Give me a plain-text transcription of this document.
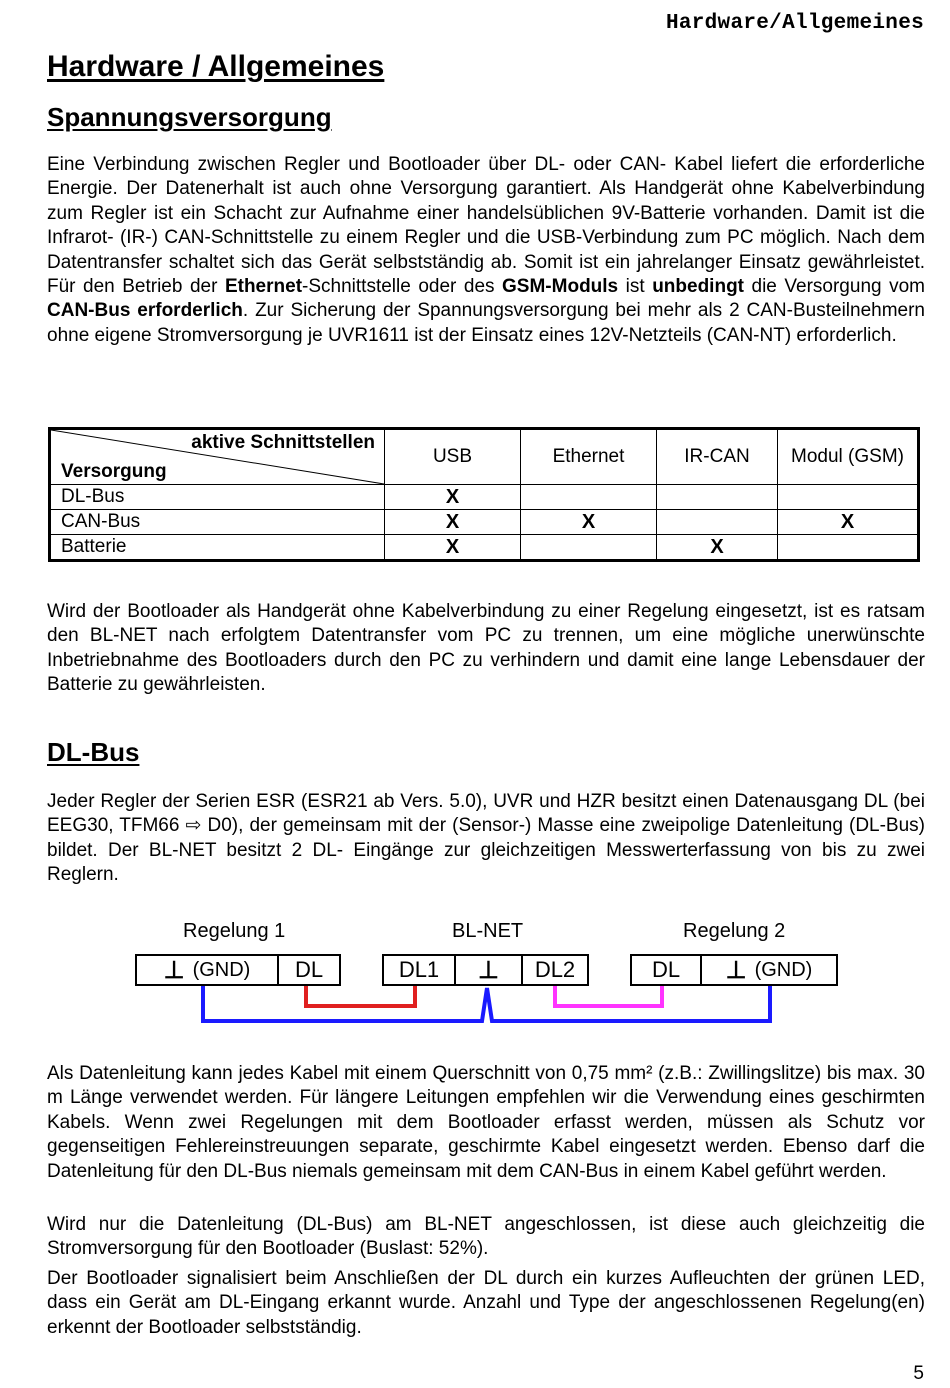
Hardware/Allgemeines
Hardware / Allgemeines
Spannungsversorgung

Eine Verbindung zwischen Regler und Bootloader über DL- oder CAN- Kabel liefert die erforderliche Energie. Der Datenerhalt ist auch ohne Versorgung garantiert. Als Handgerät ohne Kabelverbindung zum Regler ist ein Schacht zur Aufnahme einer handelsüblichen 9V-Batterie vorhanden. Damit ist die Infrarot- (IR-) CAN-Schnittstelle zu einem Regler und die USB-Verbindung zum PC möglich. Nach dem Datentransfer schaltet sich das Gerät selbstständig ab. Somit ist ein jahrelanger Einsatz gewährleistet. Für den Betrieb der Ethernet-Schnittstelle oder des GSM-Moduls ist unbedingt die Versorgung vom CAN-Bus erforderlich. Zur Sicherung der Spannungsversorgung bei mehr als 2 CAN-Busteilnehmern ohne eigene Stromversorgung je UVR1611 ist der Einsatz eines 12V-Netzteils (CAN-NT) erforderlich.

aktive Schnittstellen
Versorgung	USB	Ethernet	IR-CAN	Modul (GSM)
DL-Bus	X			
CAN-Bus	X	X		X
Batterie	X		X	

Wird der Bootloader als Handgerät ohne Kabelverbindung zu einer Regelung eingesetzt, ist es ratsam den BL-NET nach erfolgtem Datentransfer vom PC zu trennen, um eine mögliche unerwünschte Inbetriebnahme des Bootloaders durch den PC zu verhindern und damit eine lange Lebensdauer der Batterie zu gewährleisten.

DL-Bus

Jeder Regler der Serien ESR (ESR21 ab Vers. 5.0), UVR und HZR besitzt einen Datenausgang DL (bei EEG30, TFM66 ⇨ D0), der gemeinsam mit der (Sensor-) Masse eine zweipolige Datenleitung (DL-Bus) bildet. Der BL-NET besitzt 2 DL- Eingänge zur gleichzeitigen Messwerterfassung von bis zu zwei Reglern.

Regelung 1	BL-NET	Regelung 2
⊥ (GND)	DL	DL1	⊥	DL2	DL	⊥ (GND)

Als Datenleitung kann jedes Kabel mit einem Querschnitt von 0,75 mm² (z.B.: Zwillingslitze) bis max. 30 m Länge verwendet werden. Für längere Leitungen empfehlen wir die Verwendung eines geschirmten Kabels. Wenn zwei Regelungen mit dem Bootloader erfasst werden, müssen als Schutz vor gegenseitigen Fehlereinstreuungen separate, geschirmte Kabel eingesetzt werden. Ebenso darf die Datenleitung für den DL-Bus niemals gemeinsam mit dem CAN-Bus in einem Kabel geführt werden.

Wird nur die Datenleitung (DL-Bus) am BL-NET angeschlossen, ist diese auch gleichzeitig die Stromversorgung für den Bootloader (Buslast: 52%).

Der Bootloader signalisiert beim Anschließen der DL durch ein kurzes Aufleuchten der grünen LED, dass ein Gerät am DL-Eingang erkannt wurde. Anzahl und Type der angeschlossenen Regelung(en) erkennt der Bootloader selbstständig.

5
